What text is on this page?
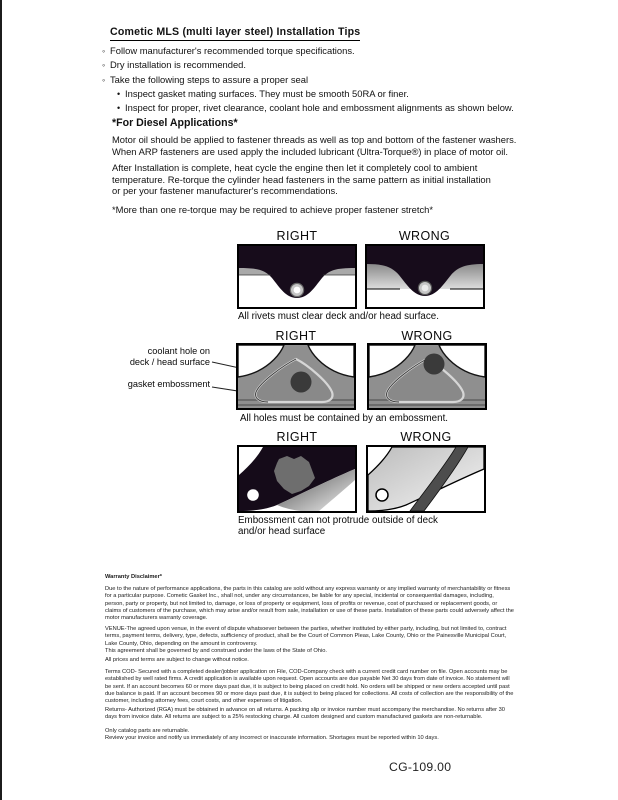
Cometic MLS (multi layer steel) Installation Tips
◦
Follow manufacturer's recommended torque specifications.
◦
Dry installation is recommended.
◦
Take the following steps to assure a proper seal
•
Inspect gasket mating surfaces. They must be smooth 50RA or finer.
•
Inspect for proper, rivet clearance, coolant hole and embossment alignments as shown below.
*For Diesel Applications*
Motor oil should be applied to fastener threads as well as top and bottom of the fastener washers.
When ARP fasteners are used apply the included lubricant (Ultra-Torque®) in place of motor oil.
After Installation is complete, heat cycle the engine then let it completely cool to ambient
temperature. Re-torque the cylinder head fasteners in the same pattern as initial installation
or per your fastener manufacturer's recommendations.
*More than one re-torque may be required to achieve proper fastener stretch*
RIGHT	WRONG
All rivets must clear deck and/or head surface.
RIGHT	WRONG
coolant hole on
deck / head surface
gasket embossment
All holes must be contained by an embossment.
RIGHT	WRONG
Embossment can not protrude outside of deck
and/or head surface
Warranty Disclaimer*
Due to the nature of performance applications, the parts in this catalog are sold without any express warranty or any implied warranty of merchantability or fitness for a particular purpose. Cometic Gasket Inc., shall not, under any circumstances, be liable for any special, incidental or consequential damages, including, person, party or property, but not limited to, damage, or loss of property or equipment, loss of profits or revenue, cost of purchased or replacement goods, or claims of customers of the purchase, which may arise and/or result from sale, installation or use of these parts. Installation of these parts could adversely affect the motor manufacturers warranty coverage.
VENUE-The agreed upon venue, in the event of dispute whatsoever between the parties, whether instituted by either party, including, but not limited to, contract terms, payment terms, delivery, type, defects, sufficiency of product, shall be the Court of Common Pleas, Lake County, Ohio or the Painesville Municipal Court, Lake County, Ohio, depending on the amount in controversy.
This agreement shall be governed by and construed under the laws of the State of Ohio.
All prices and terms are subject to change without notice.
Terms COD- Secured with a completed dealer/jobber application on File, COD-Company check with a current credit card number on file. Open accounts may be established by well rated firms. A credit application is available upon request. Open accounts are due payable Net 30 days from date of invoice. No statement will be sent. If an account becomes 60 or more days past due, it is subject to being placed on credit hold. No orders will be shipped or new orders accepted until past due balance is paid. If an account becomes 90 or more days past due, it is subject to being placed for collections. All costs of collection are the responsibility of the customer, including attorney fees, court costs, and other expenses of litigation.
Returns- Authorized (RGA) must be obtained in advance on all returns. A packing slip or invoice number must accompany the merchandise. No returns after 30 days from invoice date. All returns are subject to a 25% restocking charge. All custom designed and custom manufactured gaskets are non-returnable.
Only catalog parts are returnable.
Review your invoice and notify us immediately of any incorrect or inaccurate information. Shortages must be reported within 10 days.
CG-109.00
